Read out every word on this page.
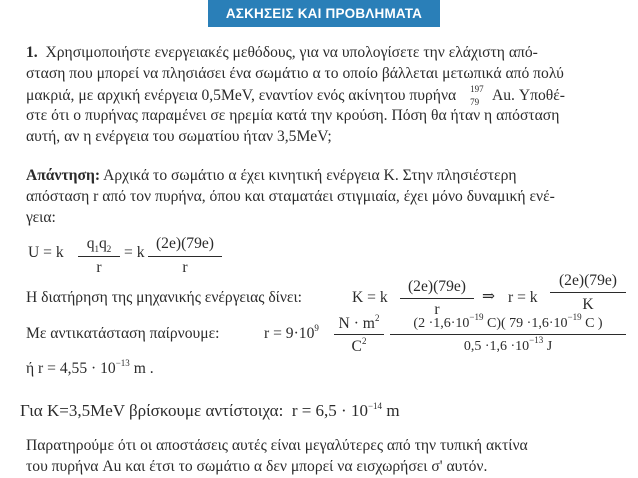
ΑΣΚΗΣΕΙΣ ΚΑΙ ΠΡΟΒΛΗΜΑΤΑ
1. Χρησιμοποιήστε ενεργειακές μεθόδους, για να υπολογίσετε την ελάχιστη από-
σταση που μπορεί να πλησιάσει ένα σωμάτιο α το οποίο βάλλεται μετωπικά από πολύ
μακριά, με αρχική ενέργεια 0,5MeV, εναντίον ενός ακίνητου πυρήνα 197
79 Au. Υποθέ-
στε ότι ο πυρήνας παραμένει σε ηρεμία κατά την κρούση. Πόση θα ήταν η απόσταση
αυτή, αν η ενέργεια του σωματίου ήταν 3,5MeV;
Απάντηση: Αρχικά το σωμάτιο α έχει κινητική ενέργεια Κ. Στην πλησιέστερη
απόσταση r από τον πυρήνα, όπου και σταματάει στιγμιαία, έχει μόνο δυναμική ενέ-
γεια:
U = k
$q_1q_2$
r
= k
(2e)(79e)
r
Η διατήρηση της μηχανικής ενέργειας δίνει:	K = k
(2e)(79e)
r
⇒ r = k
(2e)(79e)
K
Με αντικατάσταση παίρνουμε:	$r = 9\cdot 10^9$	$N \cdot m^2$
$C^2$
($2 \cdot 1,6\cdot 10^{-19}$ C)( $79 \cdot 1,6\cdot 10^{-19}$ C )
$0,5 \cdot 1,6 \cdot 10^{-13}$ J
ή $r = 4,55 \cdot 10^{-13}$ m .
Για K=3,5MeV βρίσκουμε αντίστοιχα: $r = 6,5 \cdot 10^{-14}$ m
Παρατηρούμε ότι οι αποστάσεις αυτές είναι μεγαλύτερες από την τυπική ακτίνα
του πυρήνα Au και έτσι το σωμάτιο α δεν μπορεί να εισχωρήσει σ' αυτόν.
